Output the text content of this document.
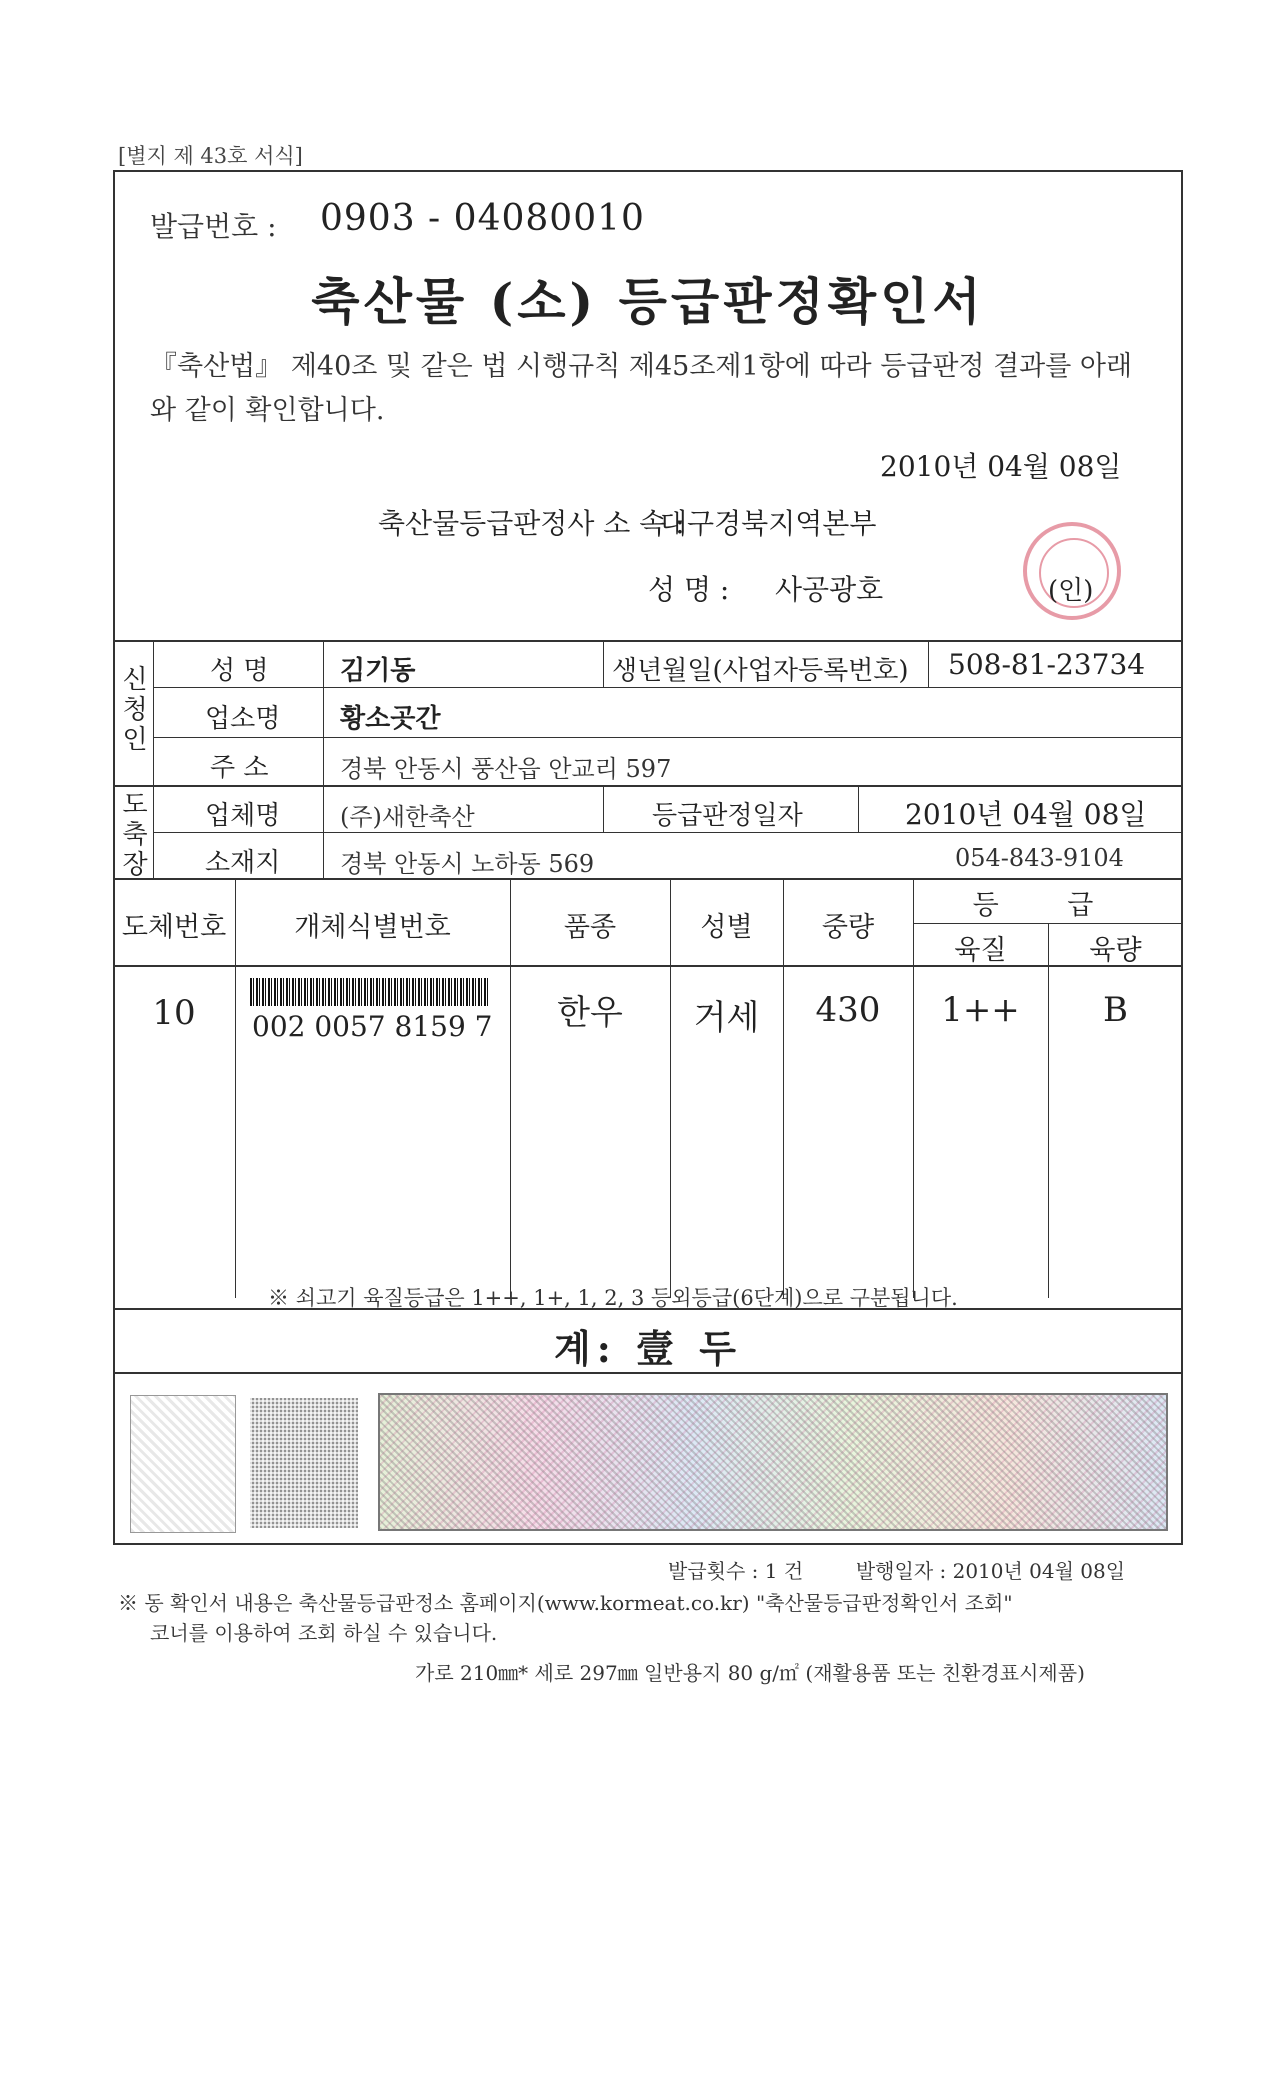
[별지 제 43호 서식]
발급번호 : 0903 - 04080010
축산물 (소) 등급판정확인서
『축산법』 제40조 및 같은 법 시행규칙 제45조제1항에 따라 등급판정 결과를 아래와 같이 확인합니다.
2010년 04월 08일
축산물등급판정사 소 속 :
대구경북지역본부
성 명 : 사공광호	(인)
신청인
성 명	김기동	생년월일(사업자등록번호) 508-81-23734
업소명 황소곳간
주 소	경북 안동시 풍산읍 안교리 597
도축장
업체명 (주)새한축산	등급판정일자	2010년 04월 08일
소재지 경북 안동시 노하동 569	054-843-9104
도체번호	개체식별번호	품종	성별	중량
등 급
육질	육량
10	002 0057 8159 7	한우	거세	430	1++	B
※ 쇠고기 육질등급은 1++, 1+, 1, 2, 3 등외등급(6단계)으로 구분됩니다.
계: 壹 두
발급횟수 : 1 건	발행일자 : 2010년 04월 08일
※ 동 확인서 내용은 축산물등급판정소 홈페이지(www.kormeat.co.kr) "축산물등급판정확인서 조회"
코너를 이용하여 조회 하실 수 있습니다.
가로 210㎜* 세로 297㎜ 일반용지 80 g/㎡ (재활용품 또는 친환경표시제품)
